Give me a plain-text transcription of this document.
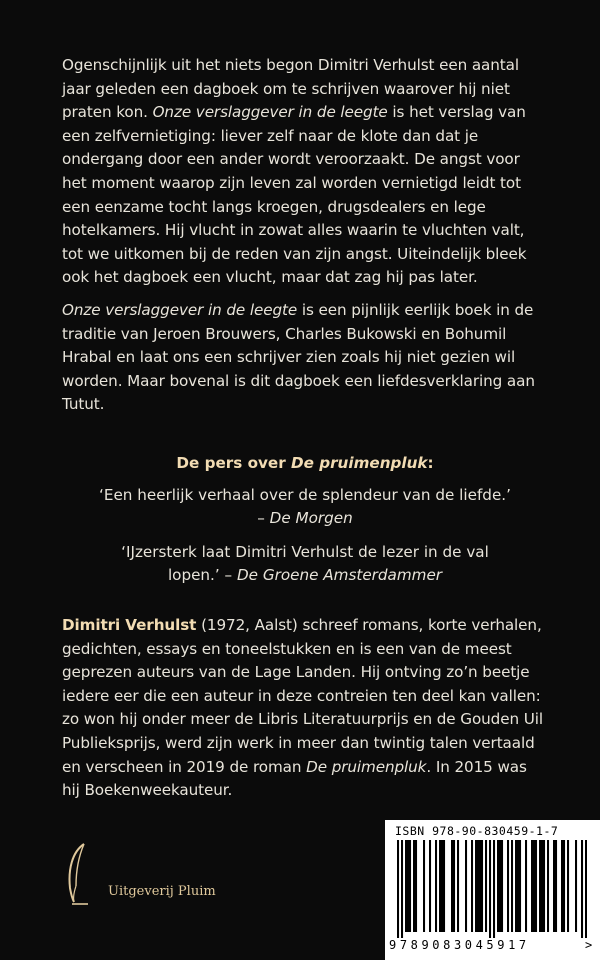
Ogenschijnlijk uit het niets begon Dimitri Verhulst een aantal jaar geleden een dagboek om te schrijven waarover hij niet praten kon. Onze verslaggever in de leegte is het verslag van een zelfvernietiging: liever zelf naar de klote dan dat je ondergang door een ander wordt veroorzaakt. De angst voor het moment waarop zijn leven zal worden vernietigd leidt tot een eenzame tocht langs kroegen, drugsdealers en lege hotelkamers. Hij vlucht in zowat alles waarin te vluchten valt, tot we uitkomen bij de reden van zijn angst. Uiteindelijk bleek ook het dagboek een vlucht, maar dat zag hij pas later.

Onze verslaggever in de leegte is een pijnlijk eerlijk boek in de traditie van Jeroen Brouwers, Charles Bukowski en Bohumil Hrabal en laat ons een schrijver zien zoals hij niet gezien wil worden. Maar bovenal is dit dagboek een liefdesverklaring aan Tutut.

De pers over De pruimenpluk:
‘Een heerlijk verhaal over de splendeur van de liefde.’
– De Morgen
‘IJzersterk laat Dimitri Verhulst de lezer in de val lopen.’ – De Groene Amsterdammer
Dimitri Verhulst (1972, Aalst) schreef romans, korte verhalen, gedichten, essays en toneelstukken en is een van de meest geprezen auteurs van de Lage Landen. Hij ontving zo’n beetje iedere eer die een auteur in deze contreien ten deel kan vallen: zo won hij onder meer de Libris Literatuurprijs en de Gouden Uil Publieksprijs, werd zijn werk in meer dan twintig talen vertaald en verscheen in 2019 de roman De pruimenpluk. In 2015 was hij Boekenweekauteur.
Uitgeverij Pluim
ISBN 978-90-830459-1-7
9789083045917	>
